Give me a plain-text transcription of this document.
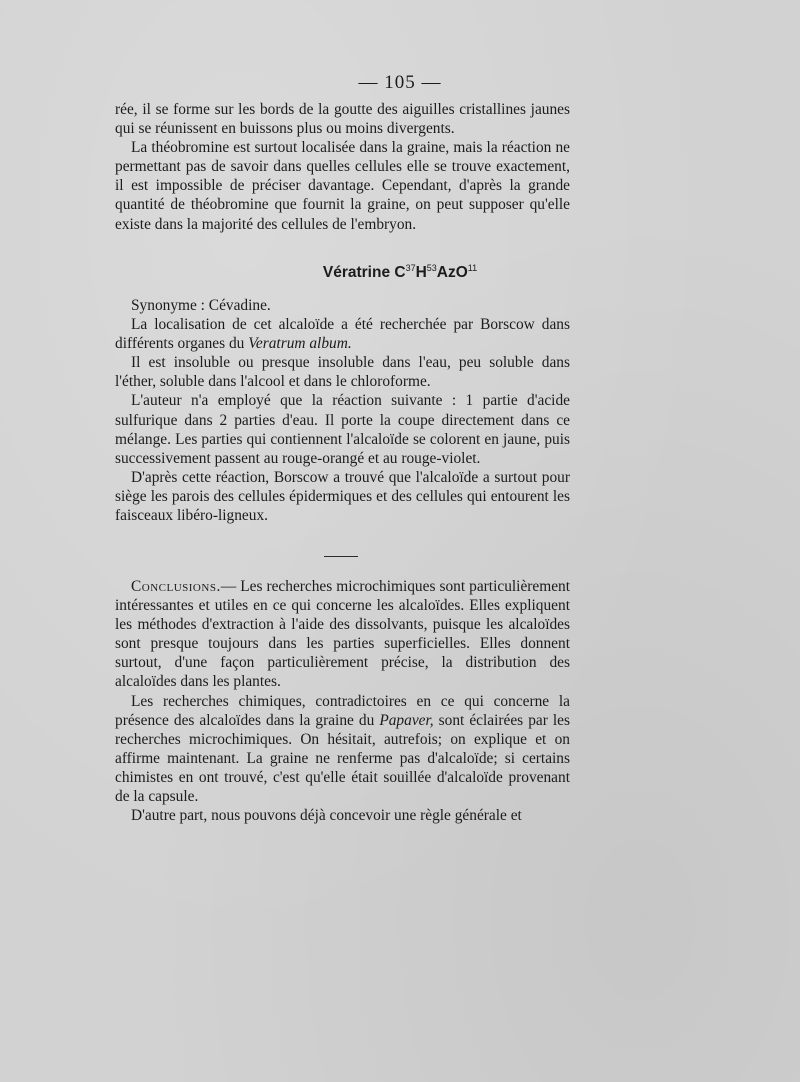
— 105 —

rée, il se forme sur les bords de la goutte des aiguilles cristallines jaunes qui se réunissent en buissons plus ou moins divergents.

La théobromine est surtout localisée dans la graine, mais la réaction ne permettant pas de savoir dans quelles cellules elle se trouve exactement, il est impossible de préciser davantage. Cependant, d'après la grande quantité de théobromine que fournit la graine, on peut supposer qu'elle existe dans la majorité des cellules de l'embryon.

Vératrine $C^{37}H^{53}AzO^{11}$

Synonyme : Cévadine.

La localisation de cet alcaloïde a été recherchée par Borscow dans différents organes du Veratrum album.

Il est insoluble ou presque insoluble dans l'eau, peu soluble dans l'éther, soluble dans l'alcool et dans le chloroforme.

L'auteur n'a employé que la réaction suivante : 1 partie d'acide sulfurique dans 2 parties d'eau. Il porte la coupe directement dans ce mélange. Les parties qui contiennent l'alcaloïde se colorent en jaune, puis successivement passent au rouge-orangé et au rouge-violet.

D'après cette réaction, Borscow a trouvé que l'alcaloïde a surtout pour siège les parois des cellules épidermiques et des cellules qui entourent les faisceaux libéro-ligneux.

Conclusions.— Les recherches microchimiques sont particulièrement intéressantes et utiles en ce qui concerne les alcaloïdes. Elles expliquent les méthodes d'extraction à l'aide des dissolvants, puisque les alcaloïdes sont presque toujours dans les parties superficielles. Elles donnent surtout, d'une façon particulièrement précise, la distribution des alcaloïdes dans les plantes.

Les recherches chimiques, contradictoires en ce qui concerne la présence des alcaloïdes dans la graine du Papaver, sont éclairées par les recherches microchimiques. On hésitait, autrefois; on explique et on affirme maintenant. La graine ne renferme pas d'alcaloïde; si certains chimistes en ont trouvé, c'est qu'elle était souillée d'alcaloïde provenant de la capsule.

D'autre part, nous pouvons déjà concevoir une règle générale et
